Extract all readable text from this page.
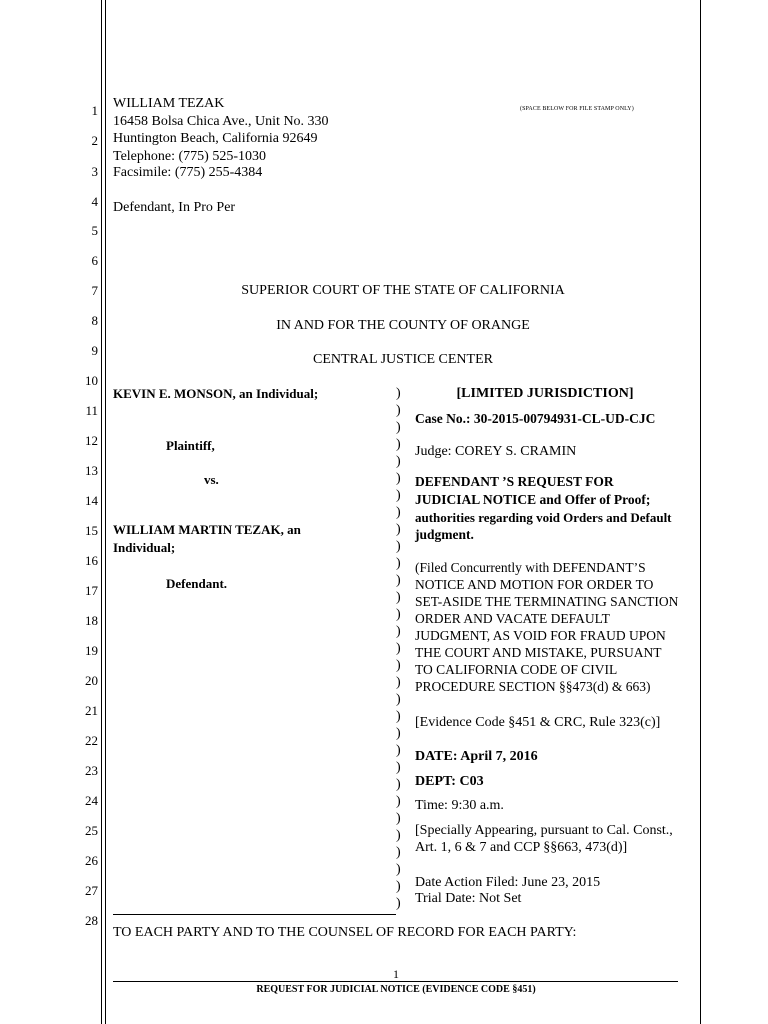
1
2
3
4
5
6
7
8
9
10
11
12
13
14
15
16
17
18
19
20
21
22
23
24
25
26
27
28
WILLIAM TEZAK
16458 Bolsa Chica Ave., Unit No. 330
Huntington Beach, California 92649
Telephone: (775) 525-1030
Facsimile: (775) 255-4384
Defendant, In Pro Per
(SPACE BELOW FOR FILE STAMP ONLY)
SUPERIOR COURT OF THE STATE OF CALIFORNIA
IN AND FOR THE COUNTY OF ORANGE
CENTRAL JUSTICE CENTER
KEVIN E. MONSON, an Individual;
Plaintiff,
vs.
WILLIAM MARTIN TEZAK, an
Individual;
Defendant.
)
)
)
)
)
)
)
)
)
)
)
)
)
)
)
)
)
)
)
)
)
)
)
)
)
)
)
)
)
)
)
[LIMITED JURISDICTION]
Case No.: 30-2015-00794931-CL-UD-CJC
Judge: COREY S. CRAMIN
DEFENDANT ’S REQUEST FOR
JUDICIAL NOTICE and Offer of Proof;
authorities regarding void Orders and Default
judgment.
(Filed Concurrently with DEFENDANT’S
NOTICE AND MOTION FOR ORDER TO
SET-ASIDE THE TERMINATING SANCTION
ORDER AND VACATE DEFAULT
JUDGMENT, AS VOID FOR FRAUD UPON
THE COURT AND MISTAKE, PURSUANT
TO CALIFORNIA CODE OF CIVIL
PROCEDURE SECTION §§473(d) & 663)
[Evidence Code §451 & CRC, Rule 323(c)]
DATE: April 7, 2016
DEPT: C03
Time: 9:30 a.m.
[Specially Appearing, pursuant to Cal. Const.,
Art. 1, 6 & 7 and CCP §§663, 473(d)]
Date Action Filed: June 23, 2015
Trial Date: Not Set
TO EACH PARTY AND TO THE COUNSEL OF RECORD FOR EACH PARTY:
1
REQUEST FOR JUDICIAL NOTICE (EVIDENCE CODE §451)
